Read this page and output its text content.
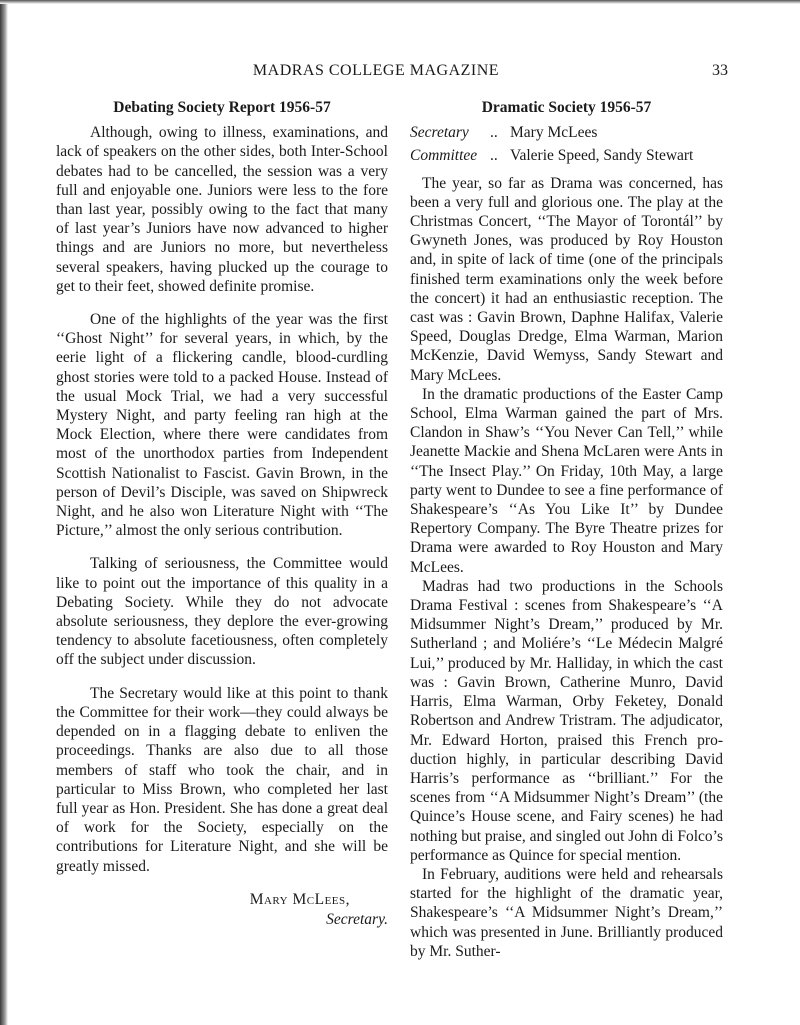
MADRAS COLLEGE MAGAZINE	33
Debating Society Report 1956-57

Although, owing to illness, examinations, and lack of speakers on the other sides, both Inter-School debates had to be cancelled, the session was a very full and enjoyable one. Juniors were less to the fore than last year, possibly owing to the fact that many of last year’s Juniors have now advanced to higher things and are Juniors no more, but nevertheless several speakers, having plucked up the courage to get to their feet, showed definite promise.

One of the highlights of the year was the first ‘‘Ghost Night’’ for several years, in which, by the eerie light of a flickering candle, blood-curdling ghost stories were told to a packed House. Instead of the usual Mock Trial, we had a very successful Mystery Night, and party feeling ran high at the Mock Election, where there were candidates from most of the unorthodox parties from Independent Scottish Nationalist to Fascist. Gavin Brown, in the person of Devil’s Disciple, was saved on Shipwreck Night, and he also won Literature Night with ‘‘The Picture,’’ almost the only serious contribution.

Talking of seriousness, the Committee would like to point out the importance of this quality in a Debating Society. While they do not advocate absolute seriousness, they deplore the ever-growing tendency to absolute facetiousness, often completely off the subject under discussion.

The Secretary would like at this point to thank the Committee for their work—they could always be depended on in a flagging debate to enliven the proceedings. Thanks are also due to all those members of staff who took the chair, and in particular to Miss Brown, who completed her last full year as Hon. President. She has done a great deal of work for the Society, especially on the contributions for Literature Night, and she will be greatly missed.

Mary McLees,
Secretary.
Dramatic Society 1956-57
Secretary	.. Mary McLees
Committee .. Valerie Speed, Sandy Stewart

The year, so far as Drama was concerned, has been a very full and glorious one. The play at the Christmas Concert, ‘‘The Mayor of Torontál’’ by Gwyneth Jones, was produced by Roy Houston and, in spite of lack of time (one of the principals finished term examinations only the week before the concert) it had an enthusiastic reception. The cast was : Gavin Brown, Daphne Halifax, Valerie Speed, Douglas Dredge, Elma Warman, Marion McKenzie, David Wemyss, Sandy Stewart and Mary McLees.

In the dramatic productions of the Easter Camp School, Elma Warman gained the part of Mrs. Clandon in Shaw’s ‘‘You Never Can Tell,’’ while Jeanette Mackie and Shena McLaren were Ants in ‘‘The Insect Play.’’ On Friday, 10th May, a large party went to Dundee to see a fine performance of Shakespeare’s ‘‘As You Like It’’ by Dundee Repertory Company. The Byre Theatre prizes for Drama were awarded to Roy Houston and Mary McLees.

Madras had two productions in the Schools Drama Festival : scenes from Shakespeare’s ‘‘A Midsummer Night’s Dream,’’ produced by Mr. Sutherland ; and Moliére’s ‘‘Le Médecin Malgré Lui,’’ produced by Mr. Halliday, in which the cast was : Gavin Brown, Catherine Munro, David Harris, Elma Warman, Orby Feketey, Donald Robertson and Andrew Tristram. The adjudicator, Mr. Edward Horton, praised this French production highly, in particular describing David Harris’s performance as ‘‘brilliant.’’ For the scenes from ‘‘A Midsummer Night’s Dream’’ (the Quince’s House scene, and Fairy scenes) he had nothing but praise, and singled out John di Folco’s performance as Quince for special mention.

In February, auditions were held and rehearsals started for the highlight of the dramatic year, Shakespeare’s ‘‘A Midsummer Night’s Dream,’’ which was presented in June. Brilliantly produced by Mr. Suther-
